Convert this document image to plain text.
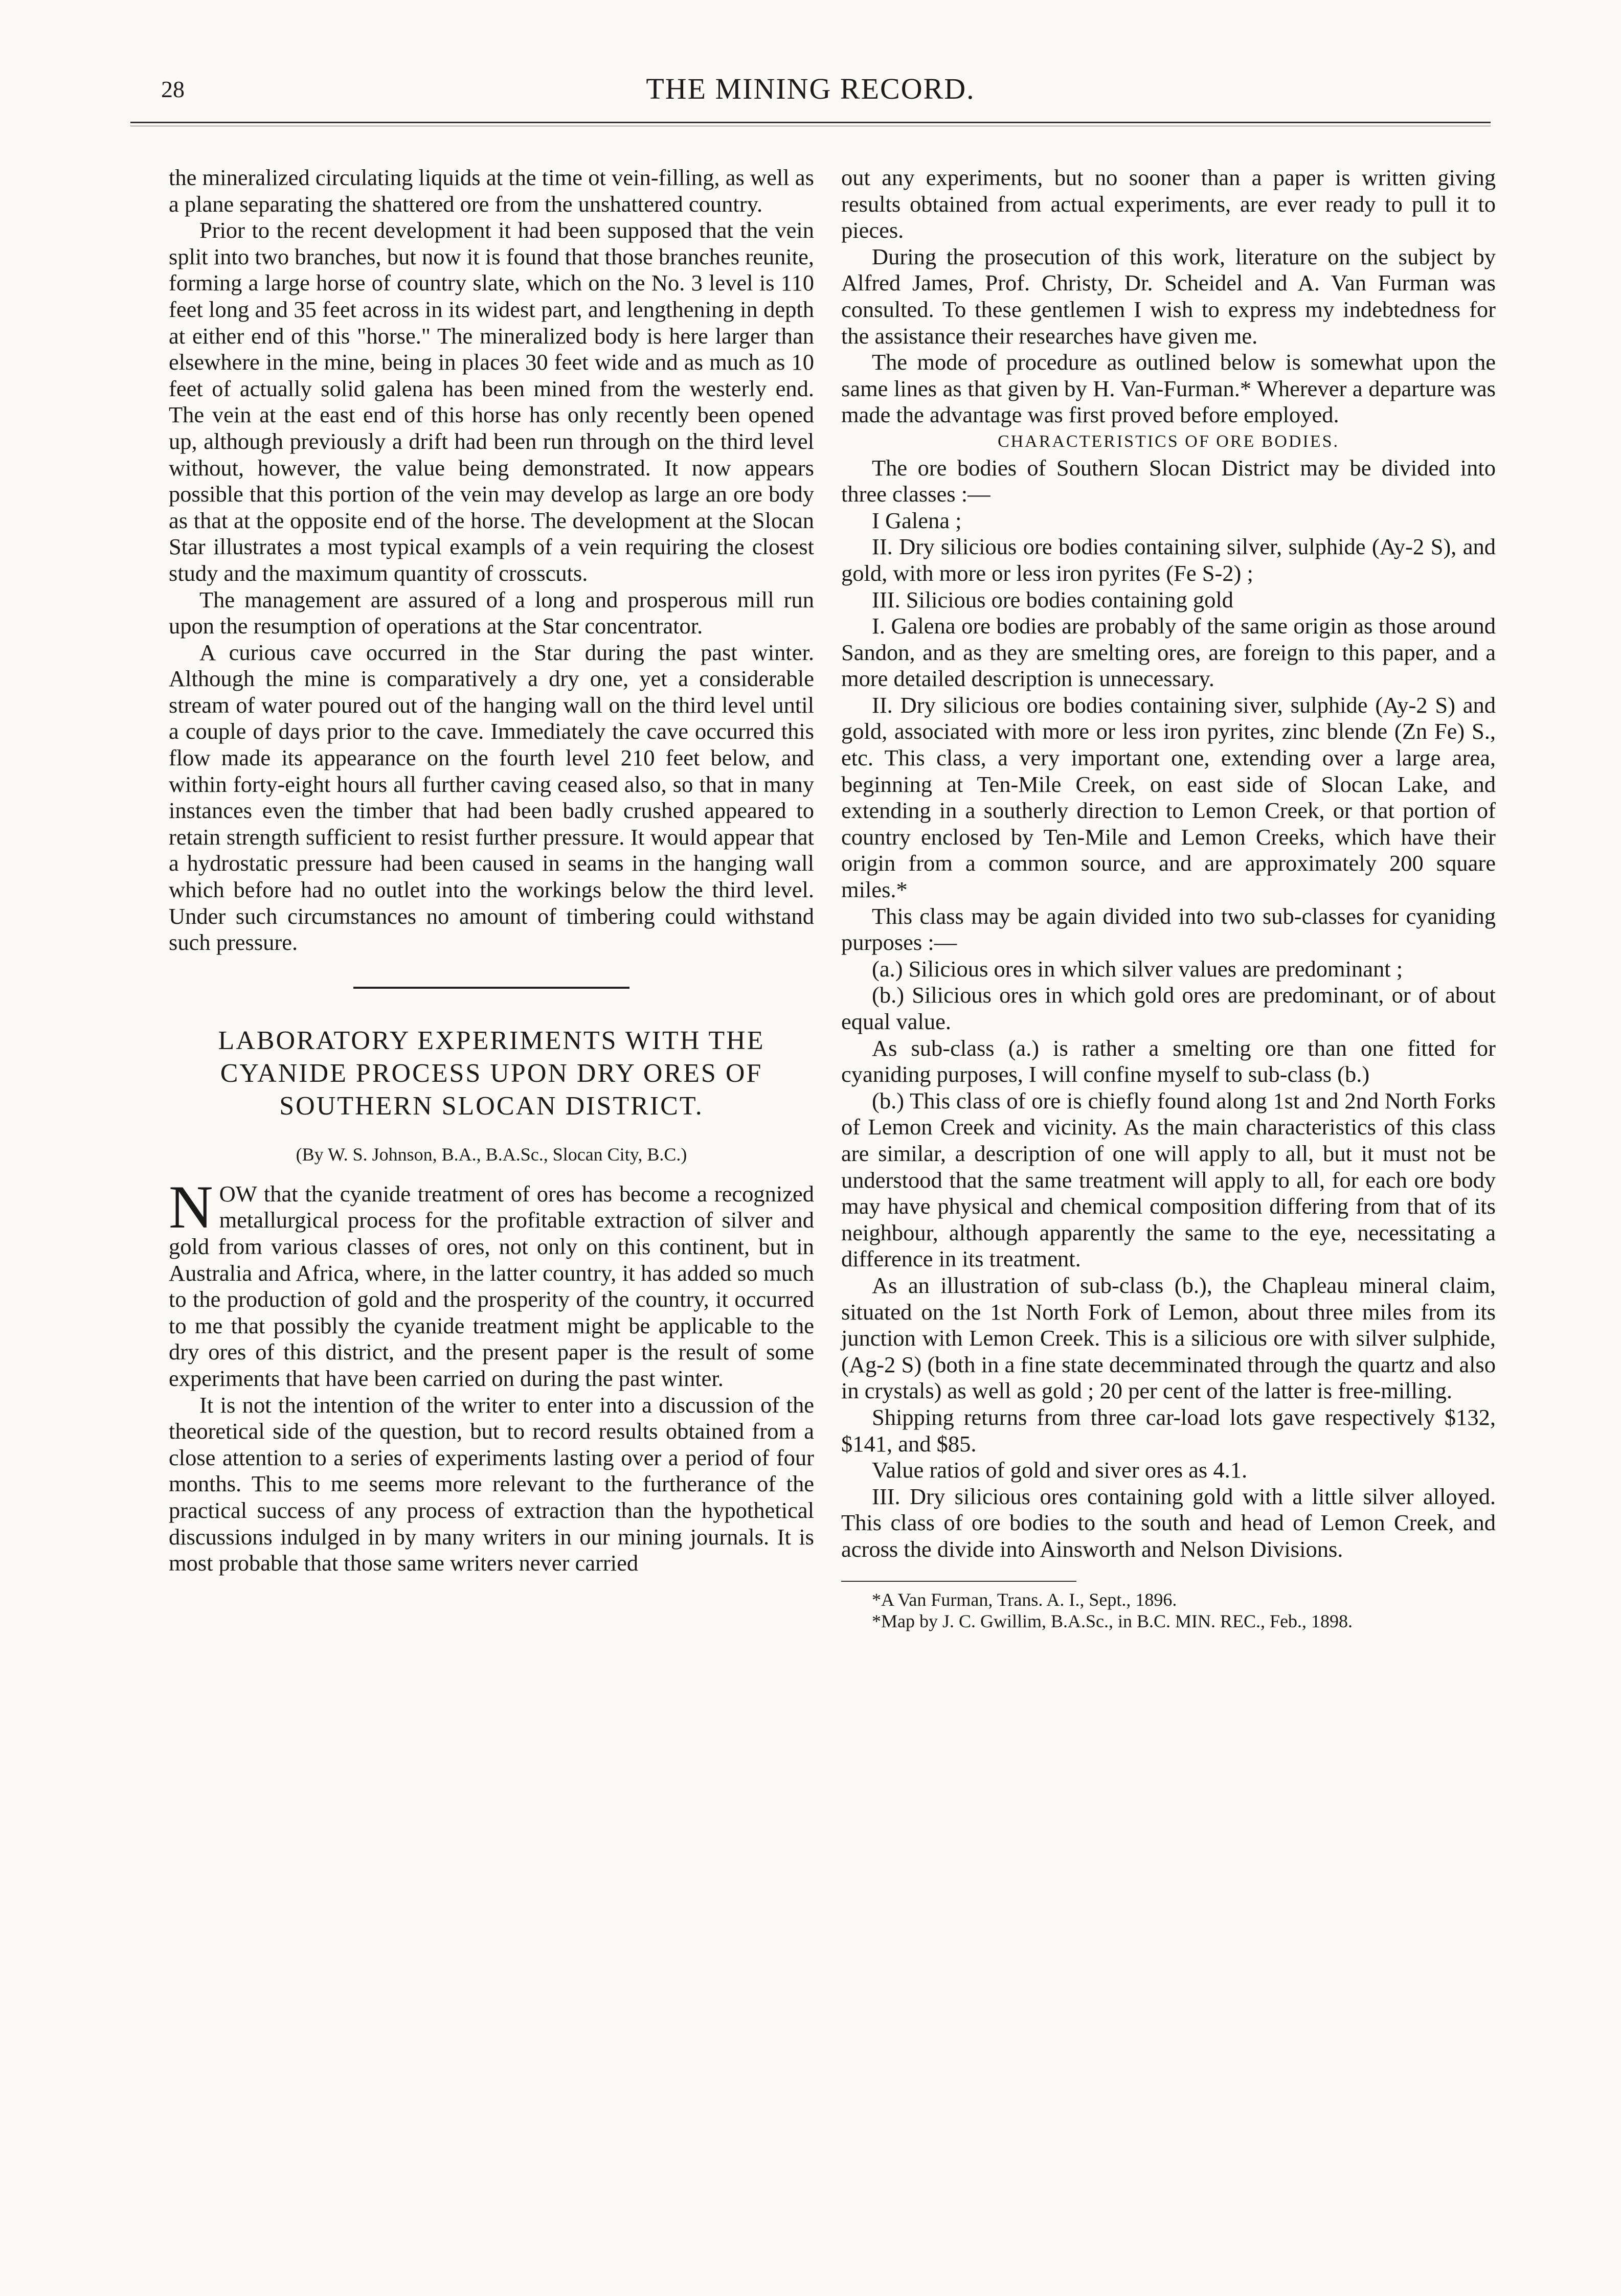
28	THE MINING RECORD.

the mineralized circulating liquids at the time ot vein-filling, as well as a plane separating the shattered ore from the unshattered country.

Prior to the recent development it had been supposed that the vein split into two branches, but now it is found that those branches reunite, forming a large horse of country slate, which on the No. 3 level is 110 feet long and 35 feet across in its widest part, and lengthening in depth at either end of this "horse." The mineralized body is here larger than elsewhere in the mine, being in places 30 feet wide and as much as 10 feet of actually solid galena has been mined from the westerly end. The vein at the east end of this horse has only recently been opened up, although previously a drift had been run through on the third level without, however, the value being demonstrated. It now appears possible that this portion of the vein may develop as large an ore body as that at the opposite end of the horse. The development at the Slocan Star illustrates a most typical exampls of a vein requiring the closest study and the maximum quantity of crosscuts.

The management are assured of a long and prosperous mill run upon the resumption of operations at the Star concentrator.

A curious cave occurred in the Star during the past winter. Although the mine is comparatively a dry one, yet a considerable stream of water poured out of the hanging wall on the third level until a couple of days prior to the cave. Immediately the cave occurred this flow made its appearance on the fourth level 210 feet below, and within forty-eight hours all further caving ceased also, so that in many instances even the timber that had been badly crushed appeared to retain strength sufficient to resist further pressure. It would appear that a hydrostatic pressure had been caused in seams in the hanging wall which before had no outlet into the workings below the third level. Under such circumstances no amount of timbering could withstand such pressure.

LABORATORY EXPERIMENTS WITH THE CYANIDE PROCESS UPON DRY ORES OF SOUTHERN SLOCAN DISTRICT.
(By W. S. Johnson, B.A., B.A.Sc., Slocan City, B.C.)

NOW that the cyanide treatment of ores has become a recognized metallurgical process for the profitable extraction of silver and gold from various classes of ores, not only on this continent, but in Australia and Africa, where, in the latter country, it has added so much to the production of gold and the prosperity of the country, it occurred to me that possibly the cyanide treatment might be applicable to the dry ores of this district, and the present paper is the result of some experiments that have been carried on during the past winter.

It is not the intention of the writer to enter into a discussion of the theoretical side of the question, but to record results obtained from a close attention to a series of experiments lasting over a period of four months. This to me seems more relevant to the furtherance of the practical success of any process of extraction than the hypothetical discussions indulged in by many writers in our mining journals. It is most probable that those same writers never carried

out any experiments, but no sooner than a paper is written giving results obtained from actual experiments, are ever ready to pull it to pieces.

During the prosecution of this work, literature on the subject by Alfred James, Prof. Christy, Dr. Scheidel and A. Van Furman was consulted. To these gentlemen I wish to express my indebtedness for the assistance their researches have given me.

The mode of procedure as outlined below is somewhat upon the same lines as that given by H. Van-Furman.* Wherever a departure was made the advantage was first proved before employed.

CHARACTERISTICS OF ORE BODIES.

The ore bodies of Southern Slocan District may be divided into three classes :—

I Galena ;

II. Dry silicious ore bodies containing silver, sulphide (Ay-2 S), and gold, with more or less iron pyrites (Fe S-2) ;

III. Silicious ore bodies containing gold

I. Galena ore bodies are probably of the same origin as those around Sandon, and as they are smelting ores, are foreign to this paper, and a more detailed description is unnecessary.

II. Dry silicious ore bodies containing siver, sulphide (Ay-2 S) and gold, associated with more or less iron pyrites, zinc blende (Zn Fe) S., etc. This class, a very important one, extending over a large area, beginning at Ten-Mile Creek, on east side of Slocan Lake, and extending in a southerly direction to Lemon Creek, or that portion of country enclosed by Ten-Mile and Lemon Creeks, which have their origin from a common source, and are approximately 200 square miles.*

This class may be again divided into two sub-classes for cyaniding purposes :—

(a.) Silicious ores in which silver values are predominant ;

(b.) Silicious ores in which gold ores are predominant, or of about equal value.

As sub-class (a.) is rather a smelting ore than one fitted for cyaniding purposes, I will confine myself to sub-class (b.)

(b.) This class of ore is chiefly found along 1st and 2nd North Forks of Lemon Creek and vicinity. As the main characteristics of this class are similar, a description of one will apply to all, but it must not be understood that the same treatment will apply to all, for each ore body may have physical and chemical composition differing from that of its neighbour, although apparently the same to the eye, necessitating a difference in its treatment.

As an illustration of sub-class (b.), the Chapleau mineral claim, situated on the 1st North Fork of Lemon, about three miles from its junction with Lemon Creek. This is a silicious ore with silver sulphide, (Ag-2 S) (both in a fine state decemminated through the quartz and also in crystals) as well as gold ; 20 per cent of the latter is free-milling.

Shipping returns from three car-load lots gave respectively $132, $141, and $85.

Value ratios of gold and siver ores as 4.1.

III. Dry silicious ores containing gold with a little silver alloyed. This class of ore bodies to the south and head of Lemon Creek, and across the divide into Ainsworth and Nelson Divisions.

*A Van Furman, Trans. A. I., Sept., 1896.

*Map by J. C. Gwillim, B.A.Sc., in B.C. MIN. REC., Feb., 1898.
